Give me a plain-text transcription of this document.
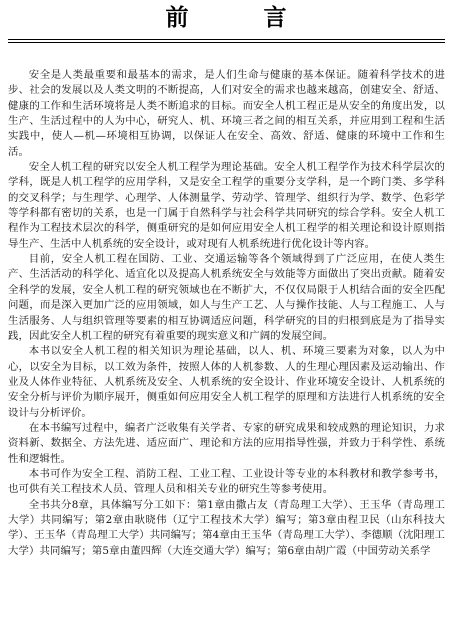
前　言

安全是人类最重要和最基本的需求，是人们生命与健康的基本保证。随着科学技术的进步、社会的发展以及人类文明的不断提高，人们对安全的需求也越来越高，创建安全、舒适、健康的工作和生活环境将是人类不断追求的目标。而安全人机工程正是从安全的角度出发，以生产、生活过程中的人为中心，研究人、机、环境三者之间的相互关系，并应用到工程和生活实践中，使人—机—环境相互协调，以保证人在安全、高效、舒适、健康的环境中工作和生活。

安全人机工程的研究以安全人机工程学为理论基础。安全人机工程学作为技术科学层次的学科，既是人机工程学的应用学科，又是安全工程学的重要分支学科，是一个跨门类、多学科的交叉科学；与生理学、心理学、人体测量学、劳动学、管理学、组织行为学、数学、色彩学等学科都有密切的关系，也是一门属于自然科学与社会科学共同研究的综合学科。安全人机工程作为工程技术层次的科学，侧重研究的是如何应用安全人机工程学的相关理论和设计原则指导生产、生活中人机系统的安全设计，或对现有人机系统进行优化设计等内容。

目前，安全人机工程在国防、工业、交通运输等各个领域得到了广泛应用，在使人类生产、生活活动的科学化、适宜化以及提高人机系统安全与效能等方面做出了突出贡献。随着安全科学的发展，安全人机工程的研究领域也在不断扩大，不仅仅局限于人机结合面的安全匹配问题，而是深入更加广泛的应用领域，如人与生产工艺、人与操作技能、人与工程施工、人与生活服务、人与组织管理等要素的相互协调适应问题，科学研究的目的归根到底是为了指导实践，因此安全人机工程的研究有着重要的现实意义和广阔的发展空间。

本书以安全人机工程的相关知识为理论基础，以人、机、环境三要素为对象，以人为中心，以安全为目标，以工效为条件，按照人体的人机参数、人的生理心理因素及运动输出、作业及人体作业特征、人机系统及安全、人机系统的安全设计、作业环境安全设计、人机系统的安全分析与评价为顺序展开，侧重如何应用安全人机工程学的原理和方法进行人机系统的安全设计与分析评价。

在本书编写过程中，编者广泛收集有关学者、专家的研究成果和较成熟的理论知识，力求资料新、数据全、方法先进、适应面广、理论和方法的应用指导性强，并致力于科学性、系统性和逻辑性。

本书可作为安全工程、消防工程、工业工程、工业设计等专业的本科教材和教学参考书，也可供有关工程技术人员、管理人员和相关专业的研究生等参考使用。

全书共分8章，具体编写分工如下：第1章由撒占友（青岛理工大学）、王玉华（青岛理工大学）共同编写；第2章由耿晓伟（辽宁工程技术大学）编写；第3章由程卫民（山东科技大学）、王玉华（青岛理工大学）共同编写；第4章由王玉华（青岛理工大学）、李德顺（沈阳理工大学）共同编写；第5章由董四辉（大连交通大学）编写；第6章由胡广霞（中国劳动关系学
